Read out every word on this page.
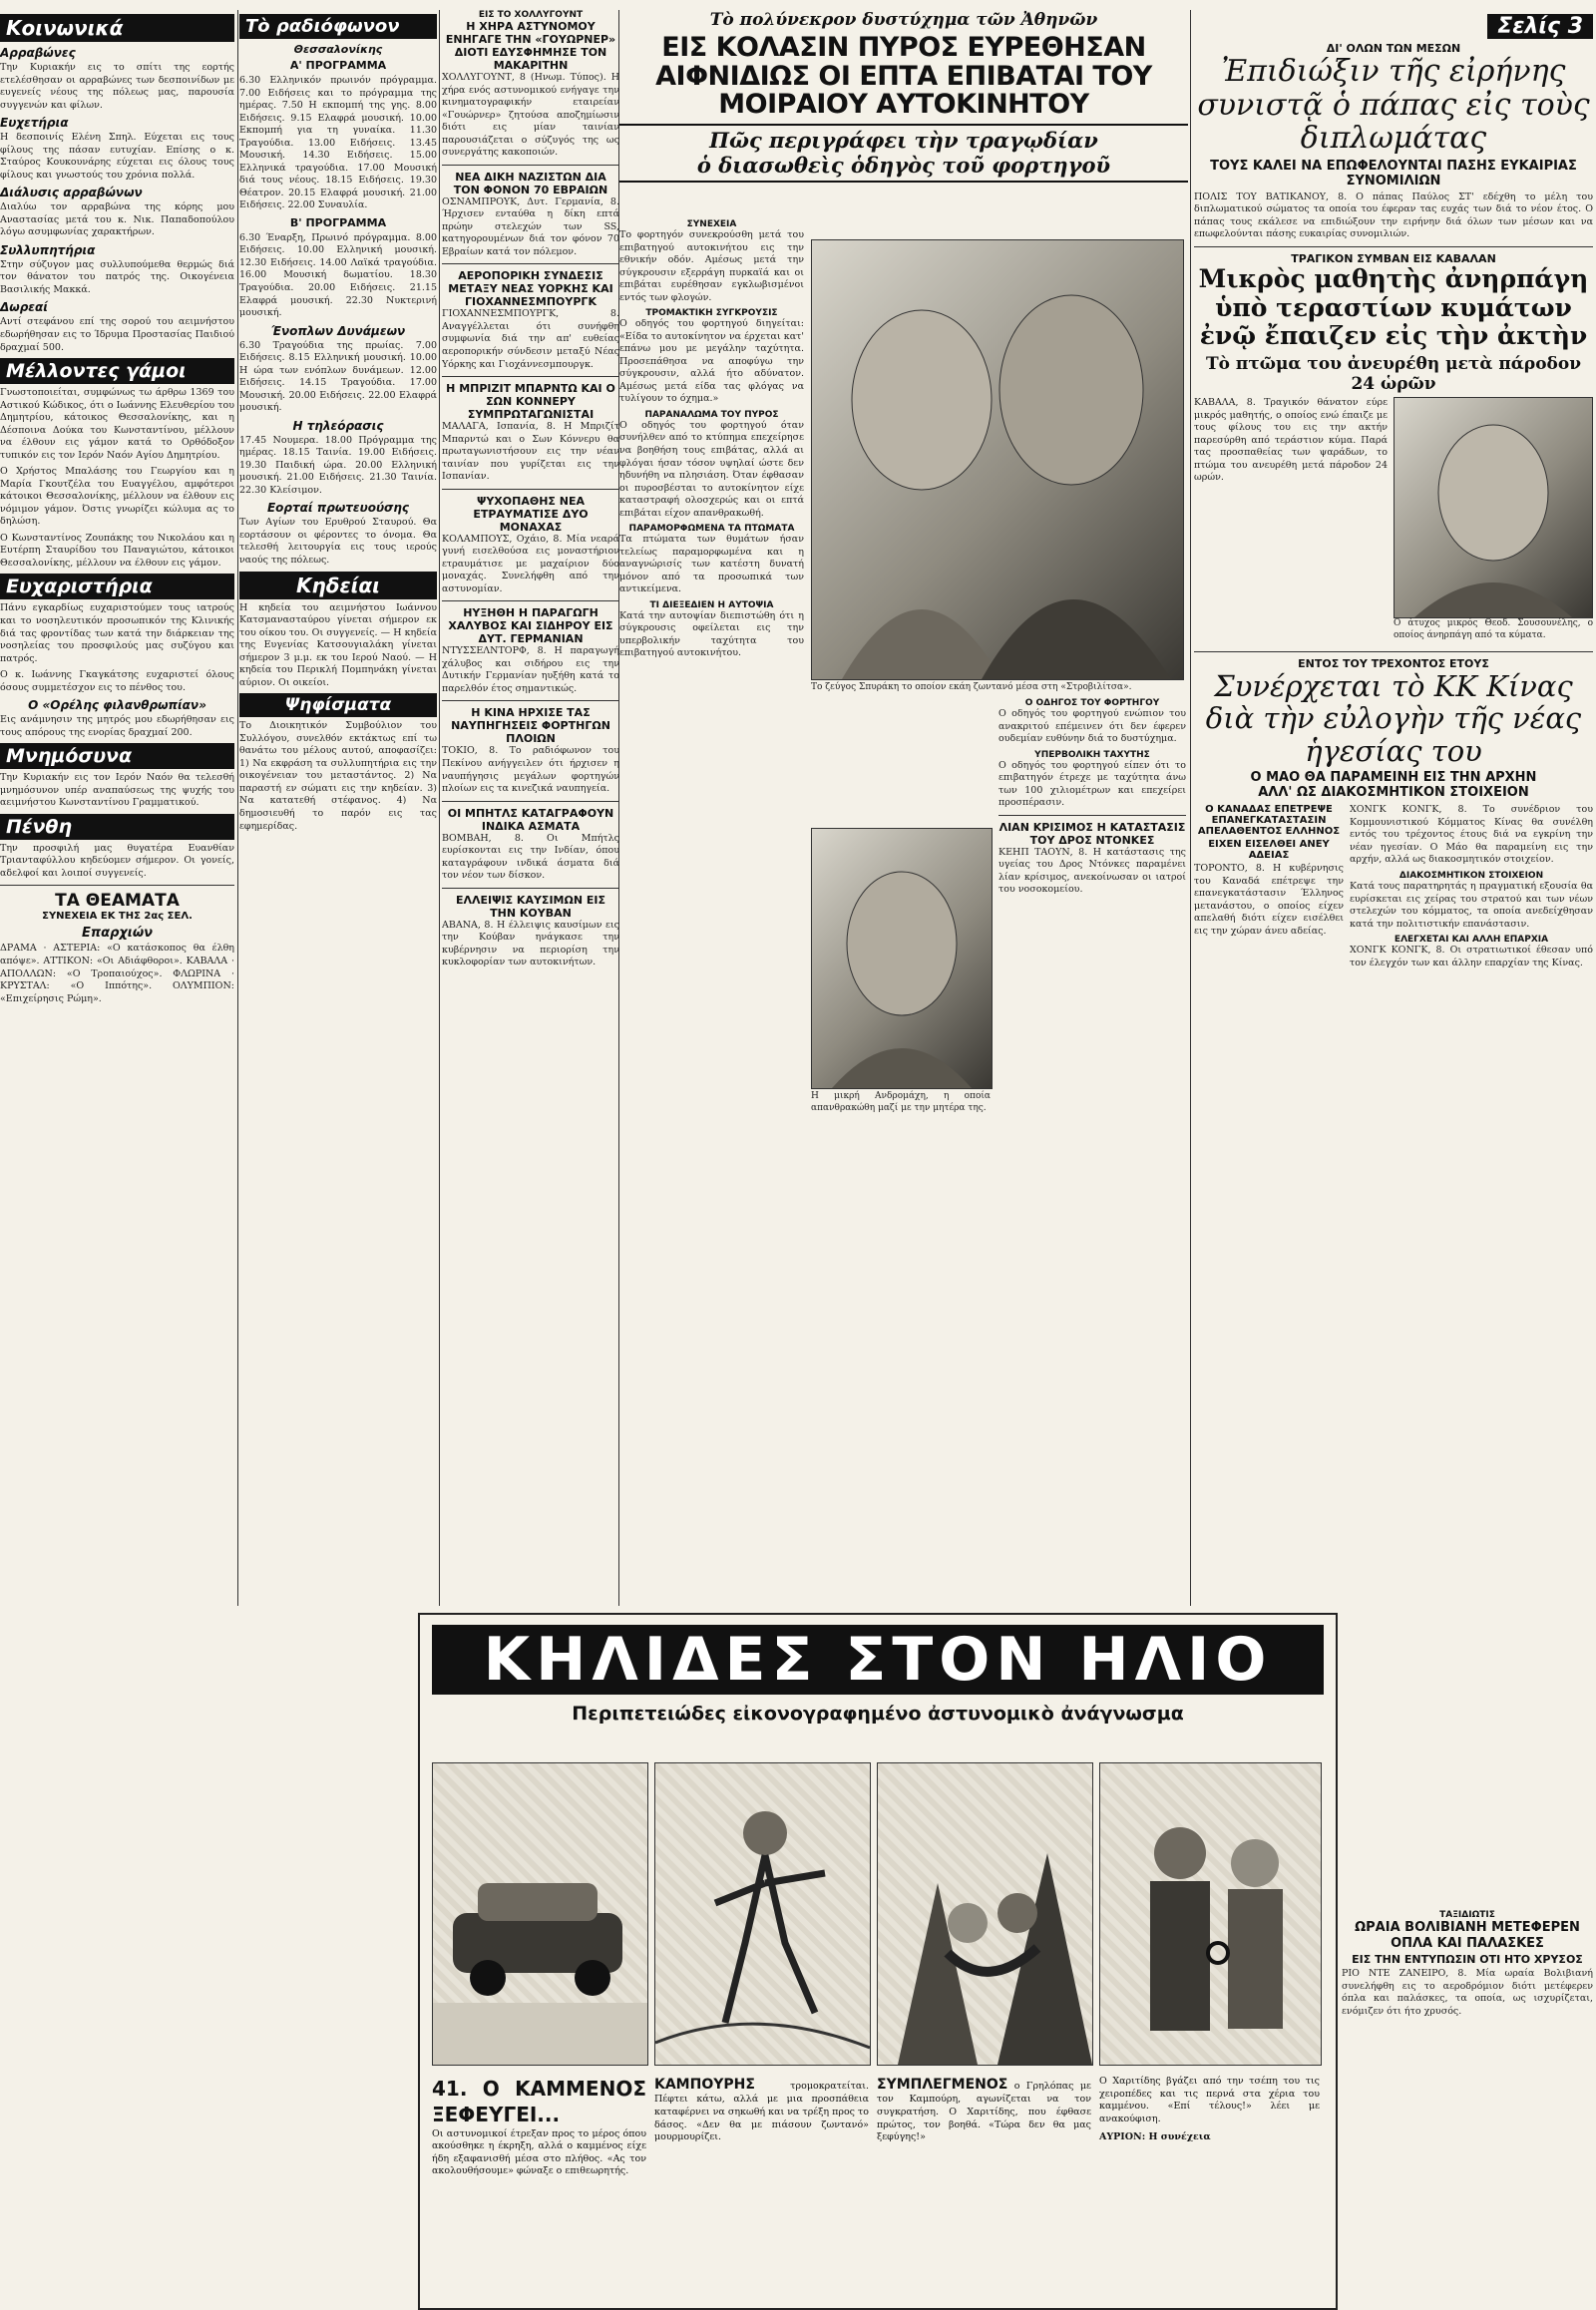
Κοινωνικά
Αρραβώνες

Την Κυριακήν εις το σπίτι της εορτής ετελέσθησαν οι αρραβώνες των δεσποινίδων με ευγενείς νέους της πόλεως μας, παρουσία συγγενών και φίλων.

Ευχετήρια

Η δεσποινίς Ελένη Σπηλ. Εύχεται εις τους φίλους της πάσαν ευτυχίαν. Επίσης ο κ. Σταύρος Κουκουνάρης εύχεται εις όλους τους φίλους και γνωστούς του χρόνια πολλά.

Διάλυσις αρραβώνων

Διαλύω τον αρραβώνα της κόρης μου Αναστασίας μετά του κ. Νικ. Παπαδοπούλου λόγω ασυμφωνίας χαρακτήρων.

Συλλυπητήρια

Στην σύζυγον μας συλλυπούμεθα θερμώς διά τον θάνατον του πατρός της. Οικογένεια Βασιλικής Μακκά.

Δωρεαί

Αντί στεφάνου επί της σορού του αειμνήστου εδωρήθησαν εις το Ίδρυμα Προστασίας Παιδιού δραχμαί 500.

Μέλλοντες γάμοι

Γνωστοποιείται, συμφώνως τω άρθρω 1369 του Αστικού Κώδικος, ότι ο Ιωάννης Ελευθερίου του Δημητρίου, κάτοικος Θεσσαλονίκης, και η Δέσποινα Δούκα του Κωνσταντίνου, μέλλουν να έλθουν εις γάμον κατά το Ορθόδοξον τυπικόν εις τον Ιερόν Ναόν Αγίου Δημητρίου.

Ο Χρήστος Μπαλάσης του Γεωργίου και η Μαρία Γκουτζέλα του Ευαγγέλου, αμφότεροι κάτοικοι Θεσσαλονίκης, μέλλουν να έλθουν εις νόμιμον γάμον. Όστις γνωρίζει κώλυμα ας το δηλώση.

Ο Κωνσταντίνος Ζουπάκης του Νικολάου και η Ευτέρπη Σταυρίδου του Παναγιώτου, κάτοικοι Θεσσαλονίκης, μέλλουν να έλθουν εις γάμον.

Ευχαριστήρια

Πάνυ εγκαρδίως ευχαριστούμεν τους ιατρούς και το νοσηλευτικόν προσωπικόν της Κλινικής διά τας φροντίδας των κατά την διάρκειαν της νοσηλείας του προσφιλούς μας συζύγου και πατρός.

Ο κ. Ιωάννης Γκαγκάτσης ευχαριστεί όλους όσους συμμετέσχον εις το πένθος του.

Ο «Ορέλης φιλανθρωπίαν»

Εις ανάμνησιν της μητρός μου εδωρήθησαν εις τους απόρους της ενορίας δραχμαί 200.

Μνημόσυνα

Την Κυριακήν εις τον Ιερόν Ναόν θα τελεσθή μνημόσυνον υπέρ αναπαύσεως της ψυχής του αειμνήστου Κωνσταντίνου Γραμματικού.

Πένθη

Την προσφιλή μας θυγατέρα Ευανθίαν Τριανταφύλλου κηδεύομεν σήμερον. Οι γονείς, αδελφοί και λοιποί συγγενείς.

ΤΑ ΘΕΑΜΑΤΑ
ΣΥΝΕΧΕΙΑ ΕΚ ΤΗΣ 2ας ΣΕΛ.
Επαρχιών

ΔΡΑΜΑ · ΑΣΤΕΡΙΑ: «Ο κατάσκοπος θα έλθη απόψε». ΑΤΤΙΚΟΝ: «Οι Αδιάφθοροι». ΚΑΒΑΛΑ · ΑΠΟΛΛΩΝ: «Ο Τροπαιούχος». ΦΛΩΡΙΝΑ · ΚΡΥΣΤΑΛ: «Ο Ιππότης». ΟΛΥΜΠΙΟΝ: «Επιχείρησις Ρώμη».

Τὸ ραδιόφωνον
Θεσσαλονίκης
Α' ΠΡΟΓΡΑΜΜΑ

6.30 Ελληνικόν πρωινόν πρόγραμμα. 7.00 Ειδήσεις και το πρόγραμμα της ημέρας. 7.50 Η εκπομπή της γης. 8.00 Ειδήσεις. 9.15 Ελαφρά μουσική. 10.00 Εκπομπή για τη γυναίκα. 11.30 Τραγούδια. 13.00 Ειδήσεις. 13.45 Μουσική. 14.30 Ειδήσεις. 15.00 Ελληνικά τραγούδια. 17.00 Μουσική διά τους νέους. 18.15 Ειδήσεις. 19.30 Θέατρον. 20.15 Ελαφρά μουσική. 21.00 Ειδήσεις. 22.00 Συναυλία.

Β' ΠΡΟΓΡΑΜΜΑ

6.30 Έναρξη, Πρωινό πρόγραμμα. 8.00 Ειδήσεις. 10.00 Ελληνική μουσική. 12.30 Ειδήσεις. 14.00 Λαϊκά τραγούδια. 16.00 Μουσική δωματίου. 18.30 Τραγούδια. 20.00 Ειδήσεις. 21.15 Ελαφρά μουσική. 22.30 Νυκτερινή μουσική.

Ένοπλων Δυνάμεων

6.30 Τραγούδια της πρωίας. 7.00 Ειδήσεις. 8.15 Ελληνική μουσική. 10.00 Η ώρα των ενόπλων δυνάμεων. 12.00 Ειδήσεις. 14.15 Τραγούδια. 17.00 Μουσική. 20.00 Ειδήσεις. 22.00 Ελαφρά μουσική.

Η τηλεόρασις

17.45 Νουμερα. 18.00 Πρόγραμμα της ημέρας. 18.15 Ταινία. 19.00 Ειδήσεις. 19.30 Παιδική ώρα. 20.00 Ελληνική μουσική. 21.00 Ειδήσεις. 21.30 Ταινία. 22.30 Κλείσιμον.

Εορταί πρωτευούσης

Των Αγίων του Ερυθρού Σταυρού. Θα εορτάσουν οι φέροντες το όνομα. Θα τελεσθή λειτουργία εις τους ιερούς ναούς της πόλεως.

Κηδείαι

Η κηδεία του αειμνήστου Ιωάννου Κατσμανασταύρου γίνεται σήμερον εκ του οίκου του. Οι συγγενείς. — Η κηδεία της Ευγενίας Κατσουγιαλάκη γίνεται σήμερον 3 μ.μ. εκ του Ιερού Ναού. — Η κηδεία του Περικλή Πομπηνάκη γίνεται αύριον. Οι οικείοι.

Ψηφίσματα

Το Διοικητικόν Συμβούλιον του Συλλόγου, συνελθόν εκτάκτως επί τω θανάτω του μέλους αυτού, αποφασίζει: 1) Να εκφράση τα συλλυπητήρια εις την οικογένειαν του μεταστάντος. 2) Να παραστή εν σώματι εις την κηδείαν. 3) Να κατατεθή στέφανος. 4) Να δημοσιευθή το παρόν εις τας εφημερίδας.

ΕΙΣ ΤΟ ΧΟΛΛΥΓΟΥΝΤ
Η ΧΗΡΑ ΑΣΤΥΝΟΜΟΥ ΕΝΗΓΑΓΕ ΤΗΝ «ΓΟΥΩΡΝΕΡ» ΔΙΟΤΙ ΕΔΥΣΦΗΜΗΣΕ ΤΟΝ ΜΑΚΑΡΙΤΗΝ

ΧΟΛΛΥΓΟΥΝΤ, 8 (Ηνωμ. Τύπος). Η χήρα ενός αστυνομικού ενήγαγε την κινηματογραφικήν εταιρείαν «Γουώρνερ» ζητούσα αποζημίωσιν διότι εις μίαν ταινίαν παρουσιάζεται ο σύζυγός της ως συνεργάτης κακοποιών.

ΝΕΑ ΔΙΚΗ ΝΑΖΙΣΤΩΝ ΔΙΑ ΤΟΝ ΦΟΝΟΝ 70 ΕΒΡΑΙΩΝ

ΟΣΝΑΜΠΡΟΥΚ, Δυτ. Γερμανία, 8. Ήρχισεν ενταύθα η δίκη επτά πρώην στελεχών των SS, κατηγορουμένων διά τον φόνον 70 Εβραίων κατά τον πόλεμον.

ΑΕΡΟΠΟΡΙΚΗ ΣΥΝΔΕΣΙΣ ΜΕΤΑΞΥ ΝΕΑΣ ΥΟΡΚΗΣ ΚΑΙ ΓΙΟΧΑΝΝΕΣΜΠΟΥΡΓΚ

ΓΙΟΧΑΝΝΕΣΜΠΟΥΡΓΚ, 8. Αναγγέλλεται ότι συνήφθη συμφωνία διά την απ' ευθείας αεροπορικήν σύνδεσιν μεταξύ Νέας Υόρκης και Γιοχάννεσμπουργκ.

Η ΜΠΡΙΖΙΤ ΜΠΑΡΝΤΩ ΚΑΙ Ο ΣΩΝ ΚΟΝΝΕΡΥ ΣΥΜΠΡΩΤΑΓΩΝΙΣΤΑΙ

ΜΑΛΑΓΑ, Ισπανία, 8. Η Μπριζίτ Μπαρντώ και ο Σων Κόννερυ θα πρωταγωνιστήσουν εις την νέαν ταινίαν που γυρίζεται εις την Ισπανίαν.

ΨΥΧΟΠΑΘΗΣ ΝΕΑ ΕΤΡΑΥΜΑΤΙΣΕ ΔΥΟ ΜΟΝΑΧΑΣ

ΚΟΛΑΜΠΟΥΣ, Οχάιο, 8. Μία νεαρά γυνή εισελθούσα εις μοναστήριον ετραυμάτισε με μαχαίριον δύο μοναχάς. Συνελήφθη από την αστυνομίαν.

ΗΥΞΗΘΗ Η ΠΑΡΑΓΩΓΗ ΧΑΛΥΒΟΣ ΚΑΙ ΣΙΔΗΡΟΥ ΕΙΣ ΔΥΤ. ΓΕΡΜΑΝΙΑΝ

ΝΤΥΣΣΕΛΝΤΟΡΦ, 8. Η παραγωγή χάλυβος και σιδήρου εις την Δυτικήν Γερμανίαν ηυξήθη κατά το παρελθόν έτος σημαντικώς.

Η ΚΙΝΑ ΗΡΧΙΣΕ ΤΑΣ ΝΑΥΠΗΓΗΣΕΙΣ ΦΟΡΤΗΓΩΝ ΠΛΟΙΩΝ

ΤΟΚΙΟ, 8. Το ραδιόφωνον του Πεκίνου ανήγγειλεν ότι ήρχισεν η ναυπήγησις μεγάλων φορτηγών πλοίων εις τα κινεζικά ναυπηγεία.

ΟΙ ΜΠΗΤΛΣ ΚΑΤΑΓΡΑΦΟΥΝ ΙΝΔΙΚΑ ΑΣΜΑΤΑ

ΒΟΜΒΑΗ, 8. Οι Μπήτλς ευρίσκονται εις την Ινδίαν, όπου καταγράφουν ινδικά άσματα διά τον νέον των δίσκον.

ΕΛΛΕΙΨΙΣ ΚΑΥΣΙΜΩΝ ΕΙΣ ΤΗΝ ΚΟΥΒΑΝ

ΑΒΑΝΑ, 8. Η έλλειψις καυσίμων εις την Κούβαν ηνάγκασε την κυβέρνησιν να περιορίση την κυκλοφορίαν των αυτοκινήτων.

Τὸ πολύνεκρον δυστύχημα τῶν Ἀθηνῶν
ΕΙΣ ΚΟΛΑΣΙΝ ΠΥΡΟΣ ΕΥΡΕΘΗΣΑΝ ΑΙΦΝΙΔΙΩΣ ΟΙ ΕΠΤΑ ΕΠΙΒΑΤΑΙ ΤΟΥ ΜΟΙΡΑΙΟΥ ΑΥΤΟΚΙΝΗΤΟΥ
Πῶς περιγράφει τὴν τραγῳδίαν
ὁ διασωθεὶς ὁδηγὸς τοῦ φορτηγοῦ
ΣΥΝΕΧΕΙΑ

Το φορτηγόν συνεκρούσθη μετά του επιβατηγού αυτοκινήτου εις την εθνικήν οδόν. Αμέσως μετά την σύγκρουσιν εξερράγη πυρκαϊά και οι επιβάται ευρέθησαν εγκλωβισμένοι εντός των φλογών.

ΤΡΟΜΑΚΤΙΚΗ ΣΥΓΚΡΟΥΣΙΣ

Ο οδηγός του φορτηγού διηγείται: «Είδα το αυτοκίνητον να έρχεται κατ' επάνω μου με μεγάλην ταχύτητα. Προσεπάθησα να αποφύγω την σύγκρουσιν, αλλά ήτο αδύνατον. Αμέσως μετά είδα τας φλόγας να τυλίγουν το όχημα.»

ΠΑΡΑΝΑΛΩΜΑ ΤΟΥ ΠΥΡΟΣ

Ο οδηγός του φορτηγού όταν συνήλθεν από το κτύπημα επεχείρησε να βοηθήση τους επιβάτας, αλλά αι φλόγαι ήσαν τόσον υψηλαί ώστε δεν ηδυνήθη να πλησιάση. Όταν έφθασαν οι πυροσβέσται το αυτοκίνητον είχε καταστραφή ολοσχερώς και οι επτά επιβάται είχον απανθρακωθή.

ΠΑΡΑΜΟΡΦΩΜΕΝΑ ΤΑ ΠΤΩΜΑΤΑ

Τα πτώματα των θυμάτων ήσαν τελείως παραμορφωμένα και η αναγνώρισίς των κατέστη δυνατή μόνον από τα προσωπικά των αντικείμενα.

ΤΙ ΔΙΕΞΕΔΙΕΝ Η ΑΥΤΟΨΙΑ

Κατά την αυτοψίαν διεπιστώθη ότι η σύγκρουσις οφείλεται εις την υπερβολικήν ταχύτητα του επιβατηγού αυτοκινήτου.

Το ζεύγος Σπυράκη το οποίον εκάη ζωντανό μέσα στη «Στροβιλίτσα».
Η μικρή Ανδρομάχη, η οποία απανθρακώθη μαζί με την μητέρα της.
Ο ΟΔΗΓΟΣ ΤΟΥ ΦΟΡΤΗΓΟΥ

Ο οδηγός του φορτηγού ενώπιον του ανακριτού επέμεινεν ότι δεν έφερεν ουδεμίαν ευθύνην διά το δυστύχημα.

ΥΠΕΡΒΟΛΙΚΗ ΤΑΧΥΤΗΣ

Ο οδηγός του φορτηγού είπεν ότι το επιβατηγόν έτρεχε με ταχύτητα άνω των 100 χιλιομέτρων και επεχείρει προσπέρασιν.

ΛΙΑΝ ΚΡΙΣΙΜΟΣ Η ΚΑΤΑΣΤΑΣΙΣ ΤΟΥ ΔΡΟΣ ΝΤΟΝΚΕΣ

ΚΕΗΠ ΤΑΟΥΝ, 8. Η κατάστασις της υγείας του Δρος Ντόνκες παραμένει λίαν κρίσιμος, ανεκοίνωσαν οι ιατροί του νοσοκομείου.

Σελίς 3
ΔΙ' ΟΛΩΝ ΤΩΝ ΜΕΣΩΝ
Ἐπιδιώξιν τῆς εἰρήνης συνιστᾷ ὁ πάπας εἰς τοὺς διπλωμάτας
ΤΟΥΣ ΚΑΛΕΙ ΝΑ ΕΠΩΦΕΛΟΥΝΤΑΙ ΠΑΣΗΣ ΕΥΚΑΙΡΙΑΣ ΣΥΝΟΜΙΛΙΩΝ

ΠΟΛΙΣ ΤΟΥ ΒΑΤΙΚΑΝΟΥ, 8. Ο πάπας Παύλος ΣΤ' εδέχθη το μέλη του διπλωματικού σώματος τα οποία του έφεραν τας ευχάς των διά το νέον έτος. Ο πάπας τους εκάλεσε να επιδιώξουν την ειρήνην διά όλων των μέσων και να επωφελούνται πάσης ευκαιρίας συνομιλιών.

ΤΡΑΓΙΚΟΝ ΣΥΜΒΑΝ ΕΙΣ ΚΑΒΑΛΑΝ
Μικρὸς μαθητὴς ἀνηρπάγη ὑπὸ τεραστίων κυμάτων ἐνῷ ἔπαιζεν εἰς τὴν ἀκτὴν
Τὸ πτῶμα του ἀνευρέθη μετὰ πάροδον 24 ὡρῶν

ΚΑΒΑΛΑ, 8. Τραγικόν θάνατον εύρε μικρός μαθητής, ο οποίος ενώ έπαιζε με τους φίλους του εις την ακτήν παρεσύρθη από τεράστιον κύμα. Παρά τας προσπαθείας των ψαράδων, το πτώμα του ανευρέθη μετά πάροδον 24 ωρών.

Ο άτυχος μικρός Θεοδ. Σουσουνέλης, ο οποίος άνηρπάγη από τα κύματα.
ΕΝΤΟΣ ΤΟΥ ΤΡΕΧΟΝΤΟΣ ΕΤΟΥΣ
Συνέρχεται τὸ ΚΚ Κίνας διὰ τὴν εὐλογὴν τῆς νέας ἡγεσίας του
Ο ΜΑΟ ΘΑ ΠΑΡΑΜΕΙΝΗ ΕΙΣ ΤΗΝ ΑΡΧΗΝ
ΑΛΛ' ΩΣ ΔΙΑΚΟΣΜΗΤΙΚΟΝ ΣΤΟΙΧΕΙΟΝ
Ο ΚΑΝΑΔΑΣ ΕΠΕΤΡΕΨΕ ΕΠΑΝΕΓΚΑΤΑΣΤΑΣΙΝ ΑΠΕΛΑΘΕΝΤΟΣ ΕΛΛΗΝΟΣ
ΕΙΧΕΝ ΕΙΣΕΛΘΕΙ ΑΝΕΥ ΑΔΕΙΑΣ

ΤΟΡΟΝΤΟ, 8. Η κυβέρνησις του Καναδά επέτρεψε την επανεγκατάστασιν Έλληνος μετανάστου, ο οποίος είχεν απελαθή διότι είχεν εισέλθει εις την χώραν άνευ αδείας.

ΧΟΝΓΚ ΚΟΝΓΚ, 8. Το συνέδριον του Κομμουνιστικού Κόμματος Κίνας θα συνέλθη εντός του τρέχοντος έτους διά να εγκρίνη την νέαν ηγεσίαν. Ο Μάο θα παραμείνη εις την αρχήν, αλλά ως διακοσμητικόν στοιχείον.

ΔΙΑΚΟΣΜΗΤΙΚΟΝ ΣΤΟΙΧΕΙΟΝ

Κατά τους παρατηρητάς η πραγματική εξουσία θα ευρίσκεται εις χείρας του στρατού και των νέων στελεχών του κόμματος, τα οποία ανεδείχθησαν κατά την πολιτιστικήν επανάστασιν.

ΕΛΕΓΧΕΤΑΙ ΚΑΙ ΑΛΛΗ ΕΠΑΡΧΙΑ

ΧΟΝΓΚ ΚΟΝΓΚ, 8. Οι στρατιωτικοί έθεσαν υπό τον έλεγχόν των και άλλην επαρχίαν της Κίνας.

ΤΑΞΙΔΙΩΤΙΣ
ΩΡΑΙΑ ΒΟΛΙΒΙΑΝΗ ΜΕΤΕΦΕΡΕΝ ΟΠΛΑ ΚΑΙ ΠΑΛΑΣΚΕΣ
ΕΙΣ ΤΗΝ ΕΝΤΥΠΩΣΙΝ ΟΤΙ ΗΤΟ ΧΡΥΣΟΣ

ΡΙΟ ΝΤΕ ΖΑΝΕΙΡΟ, 8. Μία ωραία Βολιβιανή συνελήφθη εις το αεροδρόμιον διότι μετέφερεν όπλα και παλάσκες, τα οποία, ως ισχυρίζεται, ενόμιζεν ότι ήτο χρυσός.

ΚΗΛΙΔΕΣ ΣΤΟΝ ΗΛΙΟ
Περιπετειώδες εἰκονογραφημένο ἀστυνομικὸ ἀνάγνωσμα
41. Ο ΚΑΜΜΕΝΟΣ ΞΕΦΕΥΓΕΙ...
Οι αστυνομικοί έτρεξαν προς το μέρος όπου ακούσθηκε η έκρηξη, αλλά ο καμμένος είχε ήδη εξαφανισθή μέσα στο πλήθος. «Ας τον ακολουθήσουμε» φώναξε ο επιθεωρητής.
ΚΑΜΠΟΥΡΗΣ	τρομοκρατείται. Πέφτει κάτω, αλλά με μια προσπάθεια καταφέρνει να σηκωθή και να τρέξη προς το δάσος. «Δεν θα με πιάσουν ζωντανό» μουρμουρίζει.
ΣΥΜΠΛΕΓΜΕΝΟΣ ο Γρηλόπας με τον Καμπούρη, αγωνίζεται να τον συγκρατήση. Ο Χαριτίδης, που έφθασε πρώτος, τον βοηθά. «Τώρα δεν θα μας ξεφύγης!»
Ο Χαριτίδης βγάζει από την τσέπη του τις χειροπέδες και τις περνά στα χέρια του καμμένου. «Επί τέλους!» λέει με ανακούφιση.
ΑΥΡΙΟΝ: Η συνέχεια
